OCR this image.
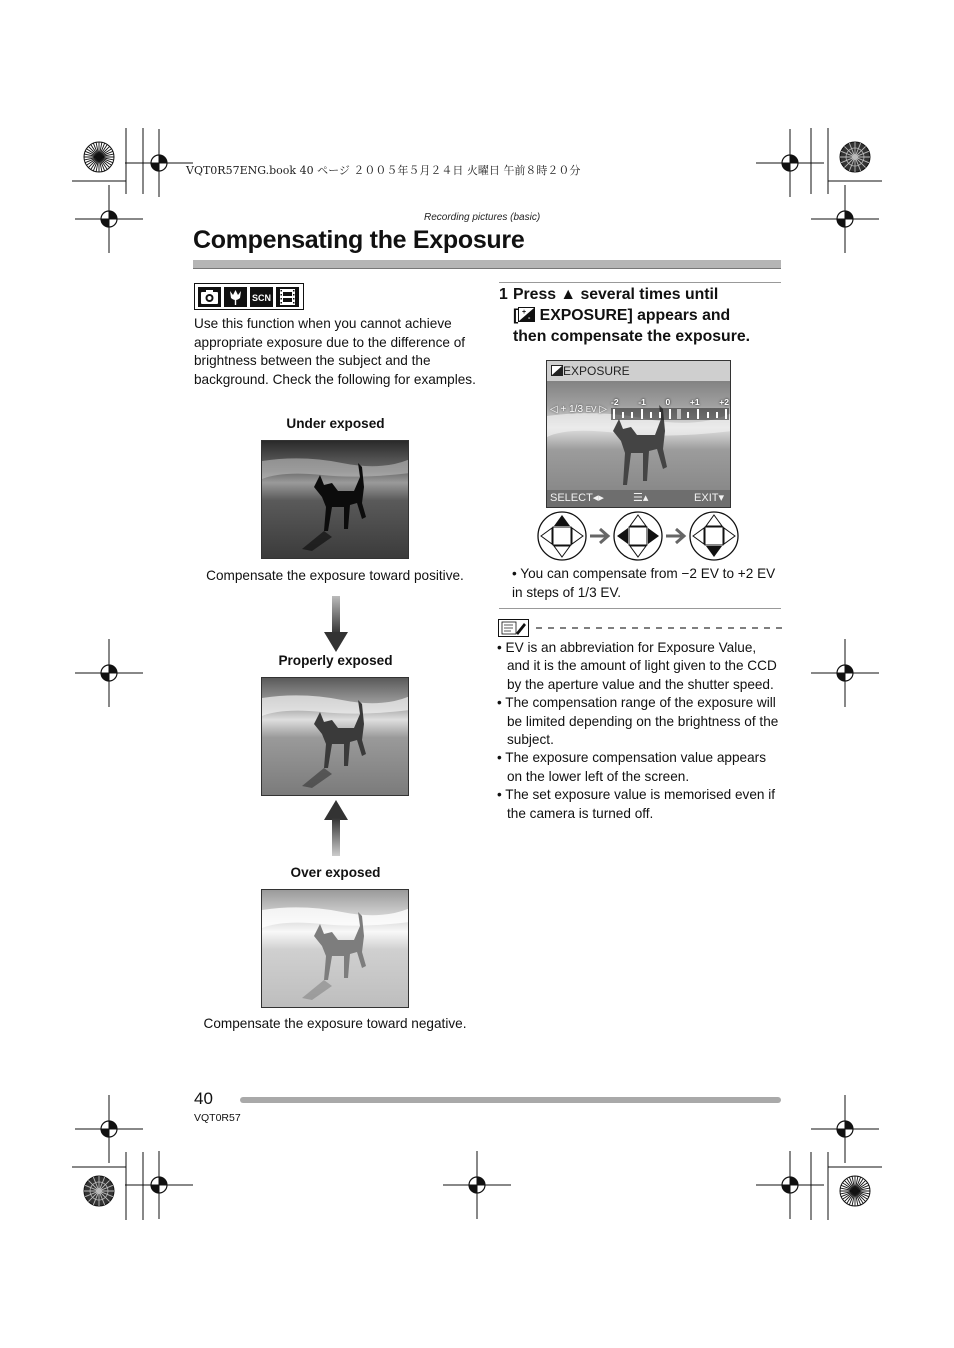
VQT0R57ENG.book 40 ページ ２００５年５月２４日 火曜日 午前８時２０分
Recording pictures (basic)
Compensating the Exposure
SCN
Use this function when you cannot achieve appropriate exposure due to the difference of brightness between the subject and the background. Check the following for examples.
Under exposed
Compensate the exposure toward positive.
Properly exposed
Over exposed
Compensate the exposure toward negative.
1 Press ▲ several times until
[ +
- EXPOSURE] appears and
then compensate the exposure.
EXPOSURE
◁ + 1/3 EV ▷
-2 -1 0 +1 +2
SELECT◂▸	☰▴	EXIT▾
• You can compensate from −2 EV to +2 EV in steps of 1/3 EV.
• EV is an abbreviation for Exposure Value, and it is the amount of light given to the CCD by the aperture value and the shutter speed.
• The compensation range of the exposure will be limited depending on the brightness of the subject.
• The exposure compensation value appears on the lower left of the screen.
• The set exposure value is memorised even if the camera is turned off.
40
VQT0R57
